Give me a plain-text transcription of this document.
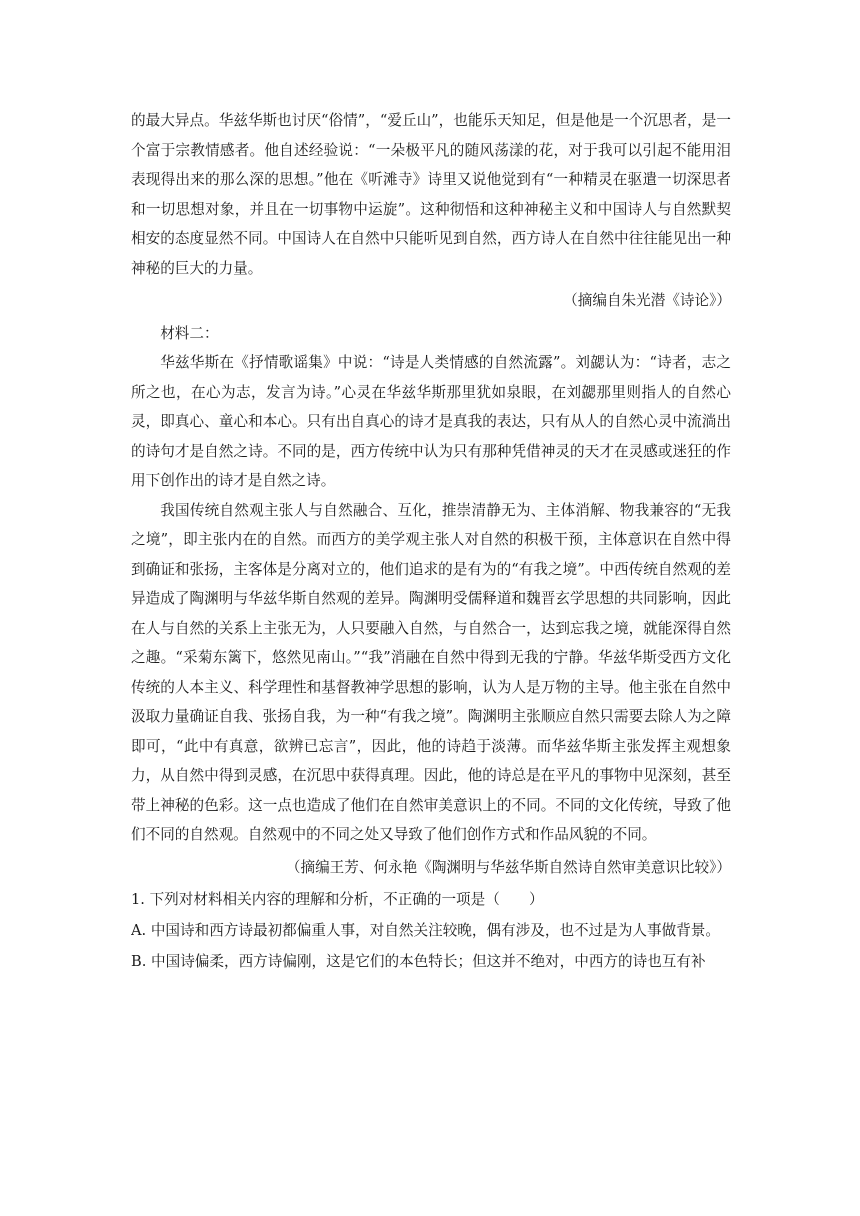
的最大异点。华兹华斯也讨厌“俗情”，“爱丘山”，也能乐天知足，但是他是一个沉思者，是一个富于宗教情感者。他自述经验说：“一朵极平凡的随风荡漾的花，对于我可以引起不能用泪表现得出来的那么深的思想。”他在《听滩寺》诗里又说他觉到有“一种精灵在驱遣一切深思者和一切思想对象，并且在一切事物中运旋”。这种彻悟和这种神秘主义和中国诗人与自然默契相安的态度显然不同。中国诗人在自然中只能听见到自然，西方诗人在自然中往往能见出一种神秘的巨大的力量。

（摘编自朱光潜《诗论》）

材料二：

华兹华斯在《抒情歌谣集》中说：“诗是人类情感的自然流露”。刘勰认为：“诗者，志之所之也，在心为志，发言为诗。”心灵在华兹华斯那里犹如泉眼，在刘勰那里则指人的自然心灵，即真心、童心和本心。只有出自真心的诗才是真我的表达，只有从人的自然心灵中流淌出的诗句才是自然之诗。不同的是，西方传统中认为只有那种凭借神灵的天才在灵感或迷狂的作用下创作出的诗才是自然之诗。

我国传统自然观主张人与自然融合、互化，推崇清静无为、主体消解、物我兼容的“无我之境”，即主张内在的自然。而西方的美学观主张人对自然的积极干预，主体意识在自然中得到确证和张扬，主客体是分离对立的，他们追求的是有为的“有我之境”。中西传统自然观的差异造成了陶渊明与华兹华斯自然观的差异。陶渊明受儒释道和魏晋玄学思想的共同影响，因此在人与自然的关系上主张无为，人只要融入自然，与自然合一，达到忘我之境，就能深得自然之趣。“采菊东篱下，悠然见南山。”“我”消融在自然中得到无我的宁静。华兹华斯受西方文化传统的人本主义、科学理性和基督教神学思想的影响，认为人是万物的主导。他主张在自然中汲取力量确证自我、张扬自我，为一种“有我之境”。陶渊明主张顺应自然只需要去除人为之障即可，“此中有真意，欲辨已忘言”，因此，他的诗趋于淡薄。而华兹华斯主张发挥主观想象力，从自然中得到灵感，在沉思中获得真理。因此，他的诗总是在平凡的事物中见深刻，甚至带上神秘的色彩。这一点也造成了他们在自然审美意识上的不同。不同的文化传统，导致了他们不同的自然观。自然观中的不同之处又导致了他们创作方式和作品风貌的不同。

（摘编王芳、何永艳《陶渊明与华兹华斯自然诗自然审美意识比较》）

1. 下列对材料相关内容的理解和分析，不正确的一项是（　　）

A. 中国诗和西方诗最初都偏重人事，对自然关注较晚，偶有涉及，也不过是为人事做背景。

B. 中国诗偏柔，西方诗偏刚，这是它们的本色特长；但这并不绝对，中西方的诗也互有补
